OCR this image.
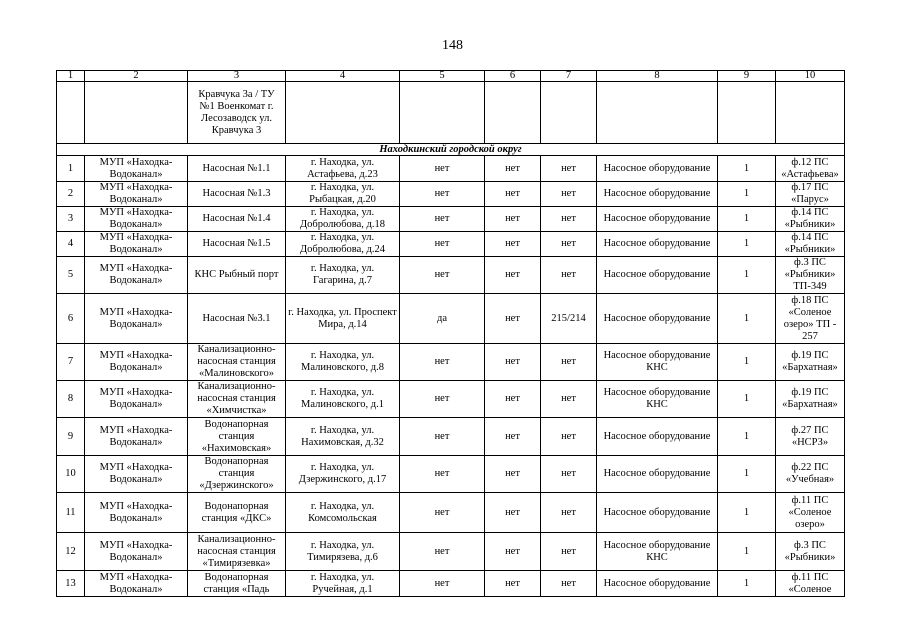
148
1	2	3	4	5	6	7	8	9	10
		Кравчука 3а / ТУ №1 Военкомат г. Лесозаводск ул. Кравчука 3							
Находкинский городской округ									
1	МУП «Находка-Водоканал»	Насосная №1.1	г. Находка, ул. Астафьева, д.23	нет	нет	нет	Насосное оборудование	1	ф.12 ПС «Астафьева»
2	МУП «Находка-Водоканал»	Насосная №1.3	г. Находка, ул. Рыбацкая, д.20	нет	нет	нет	Насосное оборудование	1	ф.17 ПС «Парус»
3	МУП «Находка-Водоканал»	Насосная №1.4	г. Находка, ул. Добролюбова, д.18	нет	нет	нет	Насосное оборудование	1	ф.14 ПС «Рыбники»
4	МУП «Находка-Водоканал»	Насосная №1.5	г. Находка, ул. Добролюбова, д.24	нет	нет	нет	Насосное оборудование	1	ф.14 ПС «Рыбники»
5	МУП «Находка-Водоканал»	КНС Рыбный порт	г. Находка, ул. Гагарина, д.7	нет	нет	нет	Насосное оборудование	1	ф.3 ПС «Рыбники» ТП-349
6	МУП «Находка-Водоканал»	Насосная №3.1	г. Находка, ул. Проспект Мира, д.14	да	нет	215/214	Насосное оборудование	1	ф.18 ПС «Соленое озеро» ТП - 257
7	МУП «Находка-Водоканал»	Канализационно-насосная станция «Малиновского»	г. Находка, ул. Малиновского, д.8	нет	нет	нет	Насосное оборудование КНС	1	ф.19 ПС «Бархатная»
8	МУП «Находка-Водоканал»	Канализационно-насосная станция «Химчистка»	г. Находка, ул. Малиновского, д.1	нет	нет	нет	Насосное оборудование КНС	1	ф.19 ПС «Бархатная»
9	МУП «Находка-Водоканал»	Водонапорная станция «Нахимовская»	г. Находка, ул. Нахимовская, д.32	нет	нет	нет	Насосное оборудование	1	ф.27 ПС «НСРЗ»
10	МУП «Находка-Водоканал»	Водонапорная станция «Дзержинского»	г. Находка, ул. Дзержинского, д.17	нет	нет	нет	Насосное оборудование	1	ф.22 ПС «Учебная»
11	МУП «Находка-Водоканал»	Водонапорная станция «ДКС»	г. Находка, ул. Комсомольская	нет	нет	нет	Насосное оборудование	1	ф.11 ПС «Соленое озеро»
12	МУП «Находка-Водоканал»	Канализационно-насосная станция «Тимирязевка»	г. Находка, ул. Тимирязева, д.6	нет	нет	нет	Насосное оборудование КНС	1	ф.3 ПС «Рыбники»
13	МУП «Находка-Водоканал»	Водонапорная станция «Падь	г. Находка, ул. Ручейная, д.1	нет	нет	нет	Насосное оборудование	1	ф.11 ПС «Соленое
